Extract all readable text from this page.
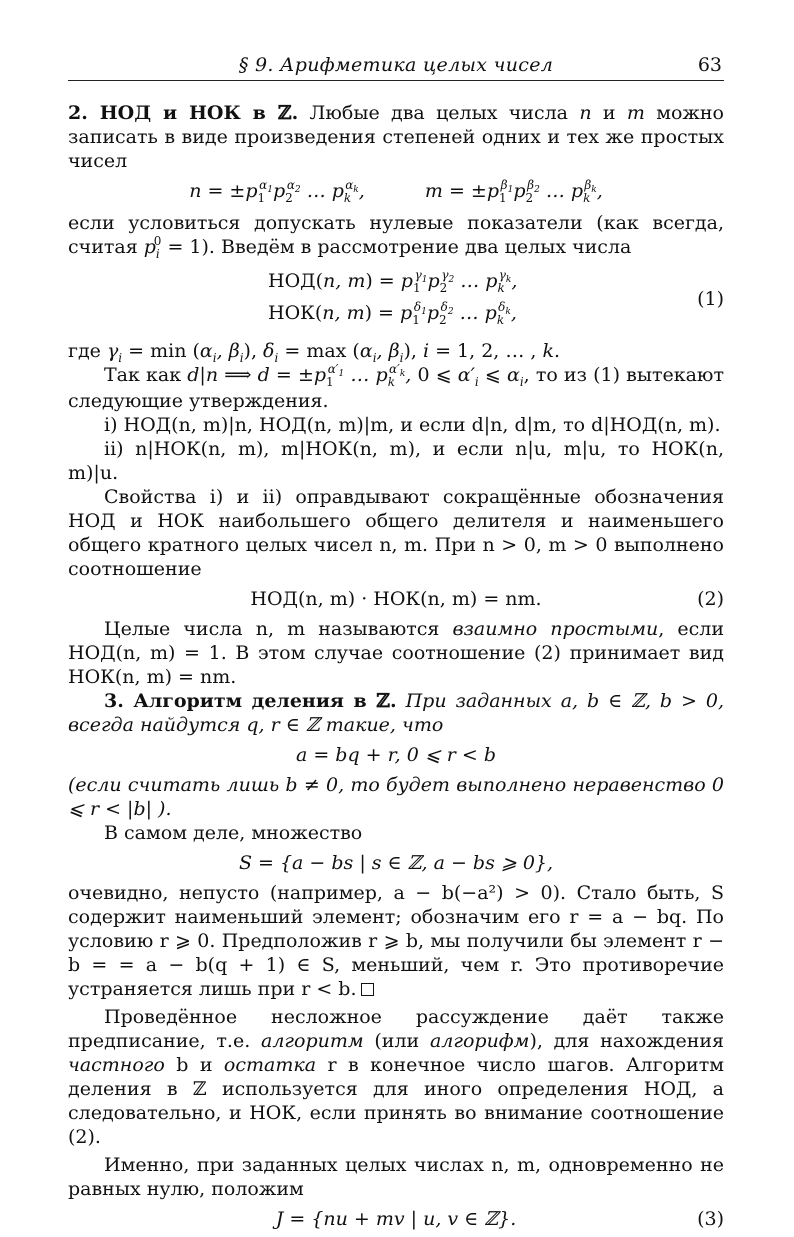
§ 9. Арифметика целых чисел	63

2. НОД и НОК в ℤ. Любые два целых числа n и m можно записать в виде произведения степеней одних и тех же простых чисел

$n = \pm p_1^{\alpha_1}p_2^{\alpha_2}$ … $p_k^{\alpha_k}$,	$m = \pm p_1^{\beta_1}p_2^{\beta_2}$ … $p_k^{\beta_k}$,

если условиться допускать нулевые показатели (как всегда, считая $p_i^0 = 1$). Введём в рассмотрение два целых числа

НОД(n, $m) = p_1^{\gamma_1}p_2^{\gamma_2}$ … $p_k^{\gamma_k}$,
НОК(n, $m) = p_1^{\delta_1}p_2^{\delta_2}$ … $p_k^{\delta_k}$,
(1)

где $\gamma_i = \min (\alpha_i$, $\beta_i$), $\delta_i = \max (\alpha_i$, $\beta_i$), i = 1, 2, … , k.

Так как d|n ⟹ $d = \pm p_1^{\alpha'_1}$ … $p_k^{\alpha'_k}$, 0 ⩽ $\alpha'_i$ ⩽ $\alpha_i$, то из (1) вытекают следующие утверждения.

i) НОД(n, m)|n, НОД(n, m)|m, и если d|n, d|m, то d|НОД(n, m).

ii) n|НОК(n, m), m|НОК(n, m), и если n|u, m|u, то НОК(n, m)|u.

Свойства i) и ii) оправдывают сокращённые обозначения НОД и НОК наибольшего общего делителя и наименьшего общего кратного целых чисел n, m. При n > 0, m > 0 выполнено соотношение

НОД(n, m) · НОК(n, m) = nm.	(2)

Целые числа n, m называются взаимно простыми, если НОД(n, m) = 1. В этом случае соотношение (2) принимает вид НОК(n, m) = nm.

3. Алгоритм деления в ℤ. При заданных a, b ∈ ℤ, b > 0, всегда найдутся q, r ∈ ℤ такие, что

a = bq + r, 0 ⩽ r < b

(если считать лишь b ≠ 0, то будет выполнено неравенство 0 ⩽ r < |b| ).

В самом деле, множество

S = {a − bs | s ∈ ℤ, a − bs ⩾ 0},

очевидно, непусто (например, a − b(−a²) > 0). Стало быть, S содержит наименьший элемент; обозначим его r = a − bq. По условию r ⩾ 0. Предположив r ⩾ b, мы получили бы элемент r − b = = a − b(q + 1) ∈ S, меньший, чем r. Это противоречие устраняется лишь при r < b.

Проведённое несложное рассуждение даёт также предписание, т.е. алгоритм (или алгорифм), для нахождения частного b и остатка r в конечное число шагов. Алгоритм деления в ℤ используется для иного определения НОД, а следовательно, и НОК, если принять во внимание соотношение (2).

Именно, при заданных целых числах n, m, одновременно не равных нулю, положим

J = {nu + mv | u, v ∈ ℤ}.	(3)
